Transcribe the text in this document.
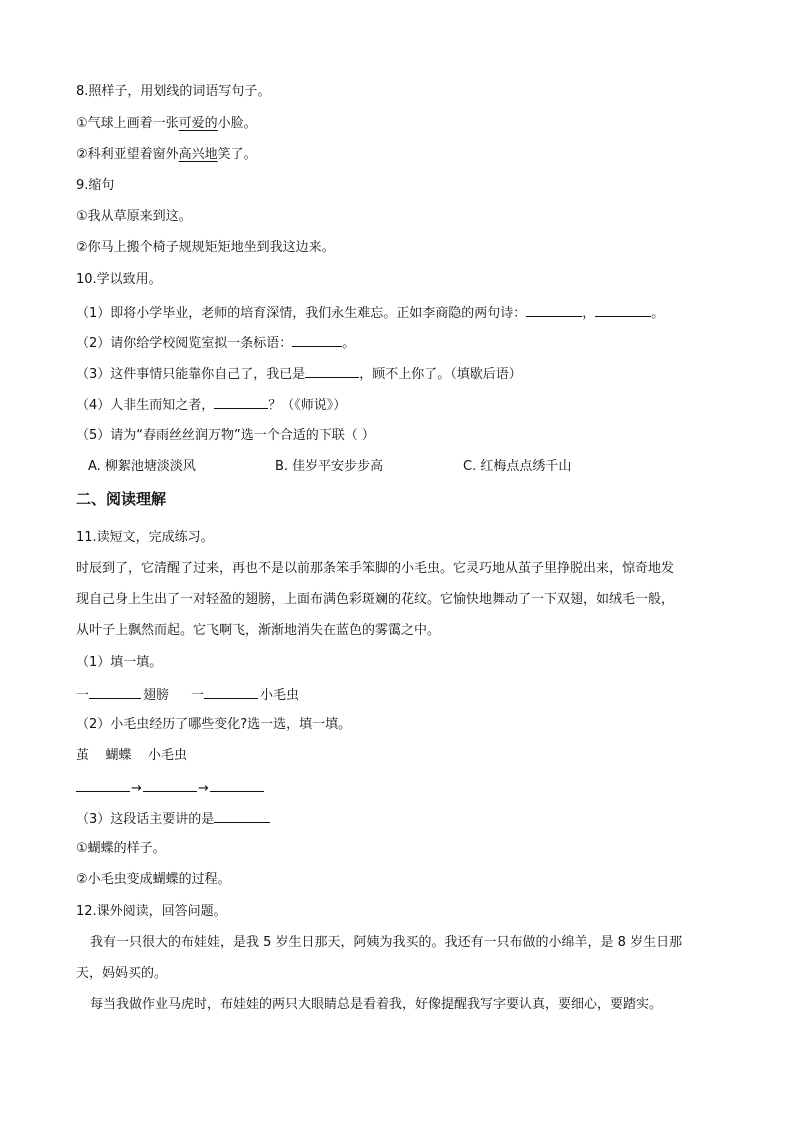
8.照样子，用划线的词语写句子。
①气球上画着一张可爱的小脸。
②科利亚望着窗外高兴地笑了。
9.缩句
①我从草原来到这。
②你马上搬个椅子规规矩矩地坐到我这边来。
10.学以致用。
（1）即将小学毕业，老师的培育深情，我们永生难忘。正如李商隐的两句诗：	，	。
（2）请你给学校阅览室拟一条标语：	。
（3）这件事情只能靠你自己了，我已是	，顾不上你了。（填歇后语）
（4）人非生而知之者，	？（《师说》）
（5）请为“春雨丝丝润万物”选一个合适的下联（ ）
A. 柳絮池塘淡淡风	B. 佳岁平安步步高	C. 红梅点点绣千山
二、阅读理解
11.读短文，完成练习。
时辰到了，它清醒了过来，再也不是以前那条笨手笨脚的小毛虫。它灵巧地从茧子里挣脱出来，惊奇地发
现自己身上生出了一对轻盈的翅膀，上面布满色彩斑斓的花纹。它愉快地舞动了一下双翅，如绒毛一般，
从叶子上飘然而起。它飞啊飞，渐渐地消失在蓝色的雾霭之中。
（1）填一填。
一	翅膀 一	小毛虫
（2）小毛虫经历了哪些变化?选一选，填一填。
茧    蝴蝶    小毛虫
→	→
（3）这段话主要讲的是
①蝴蝶的样子。
②小毛虫变成蝴蝶的过程。
12.课外阅读，回答问题。
我有一只很大的布娃娃，是我 5 岁生日那天，阿姨为我买的。我还有一只布做的小绵羊，是 8 岁生日那
天，妈妈买的。
每当我做作业马虎时，布娃娃的两只大眼睛总是看着我，好像提醒我写字要认真，要细心，要踏实。
